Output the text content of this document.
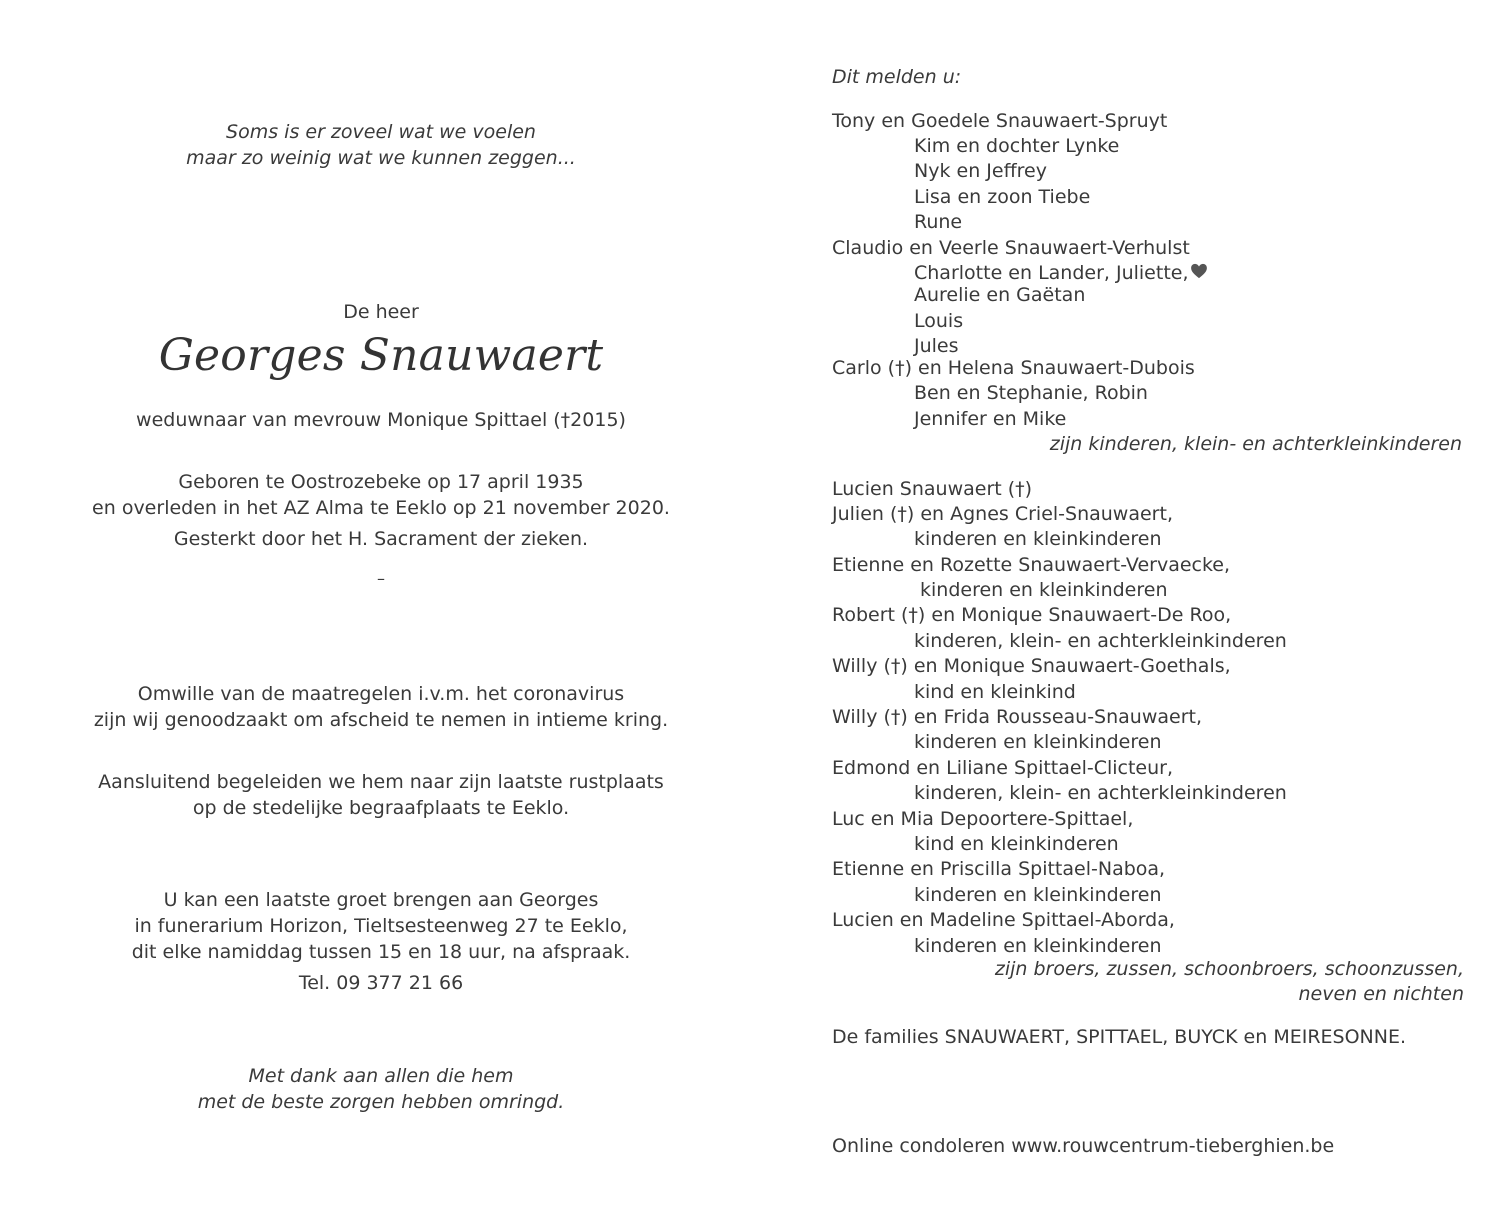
Soms is er zoveel wat we voelen
maar zo weinig wat we kunnen zeggen...
De heer
Georges Snauwaert
weduwnaar van mevrouw Monique Spittael (†2015)
Geboren te Oostrozebeke op 17 april 1935
en overleden in het AZ Alma te Eeklo op 21 november 2020.
Gesterkt door het H. Sacrament der zieken.
–
Omwille van de maatregelen i.v.m. het coronavirus
zijn wij genoodzaakt om afscheid te nemen in intieme kring.
Aansluitend begeleiden we hem naar zijn laatste rustplaats
op de stedelijke begraafplaats te Eeklo.
U kan een laatste groet brengen aan Georges
in funerarium Horizon, Tieltsesteenweg 27 te Eeklo,
dit elke namiddag tussen 15 en 18 uur, na afspraak.
Tel. 09 377 21 66
Met dank aan allen die hem
met de beste zorgen hebben omringd.
Dit melden u:
Tony en Goedele Snauwaert-Spruyt
Kim en dochter Lynke
Nyk en Jeffrey
Lisa en zoon Tiebe
Rune
Claudio en Veerle Snauwaert-Verhulst
Charlotte en Lander, Juliette,
Aurelie en Gaëtan
Louis
Jules
Carlo (†) en Helena Snauwaert-Dubois
Ben en Stephanie, Robin
Jennifer en Mike
zijn kinderen, klein- en achterkleinkinderen
Lucien Snauwaert (†)
Julien (†) en Agnes Criel-Snauwaert,
kinderen en kleinkinderen
Etienne en Rozette Snauwaert-Vervaecke,
kinderen en kleinkinderen
Robert (†) en Monique Snauwaert-De Roo,
kinderen, klein- en achterkleinkinderen
Willy (†) en Monique Snauwaert-Goethals,
kind en kleinkind
Willy (†) en Frida Rousseau-Snauwaert,
kinderen en kleinkinderen
Edmond en Liliane Spittael-Clicteur,
kinderen, klein- en achterkleinkinderen
Luc en Mia Depoortere-Spittael,
kind en kleinkinderen
Etienne en Priscilla Spittael-Naboa,
kinderen en kleinkinderen
Lucien en Madeline Spittael-Aborda,
kinderen en kleinkinderen
zijn broers, zussen, schoonbroers, schoonzussen,
neven en nichten
De families SNAUWAERT, SPITTAEL, BUYCK en MEIRESONNE.
Online condoleren www.rouwcentrum-tieberghien.be
